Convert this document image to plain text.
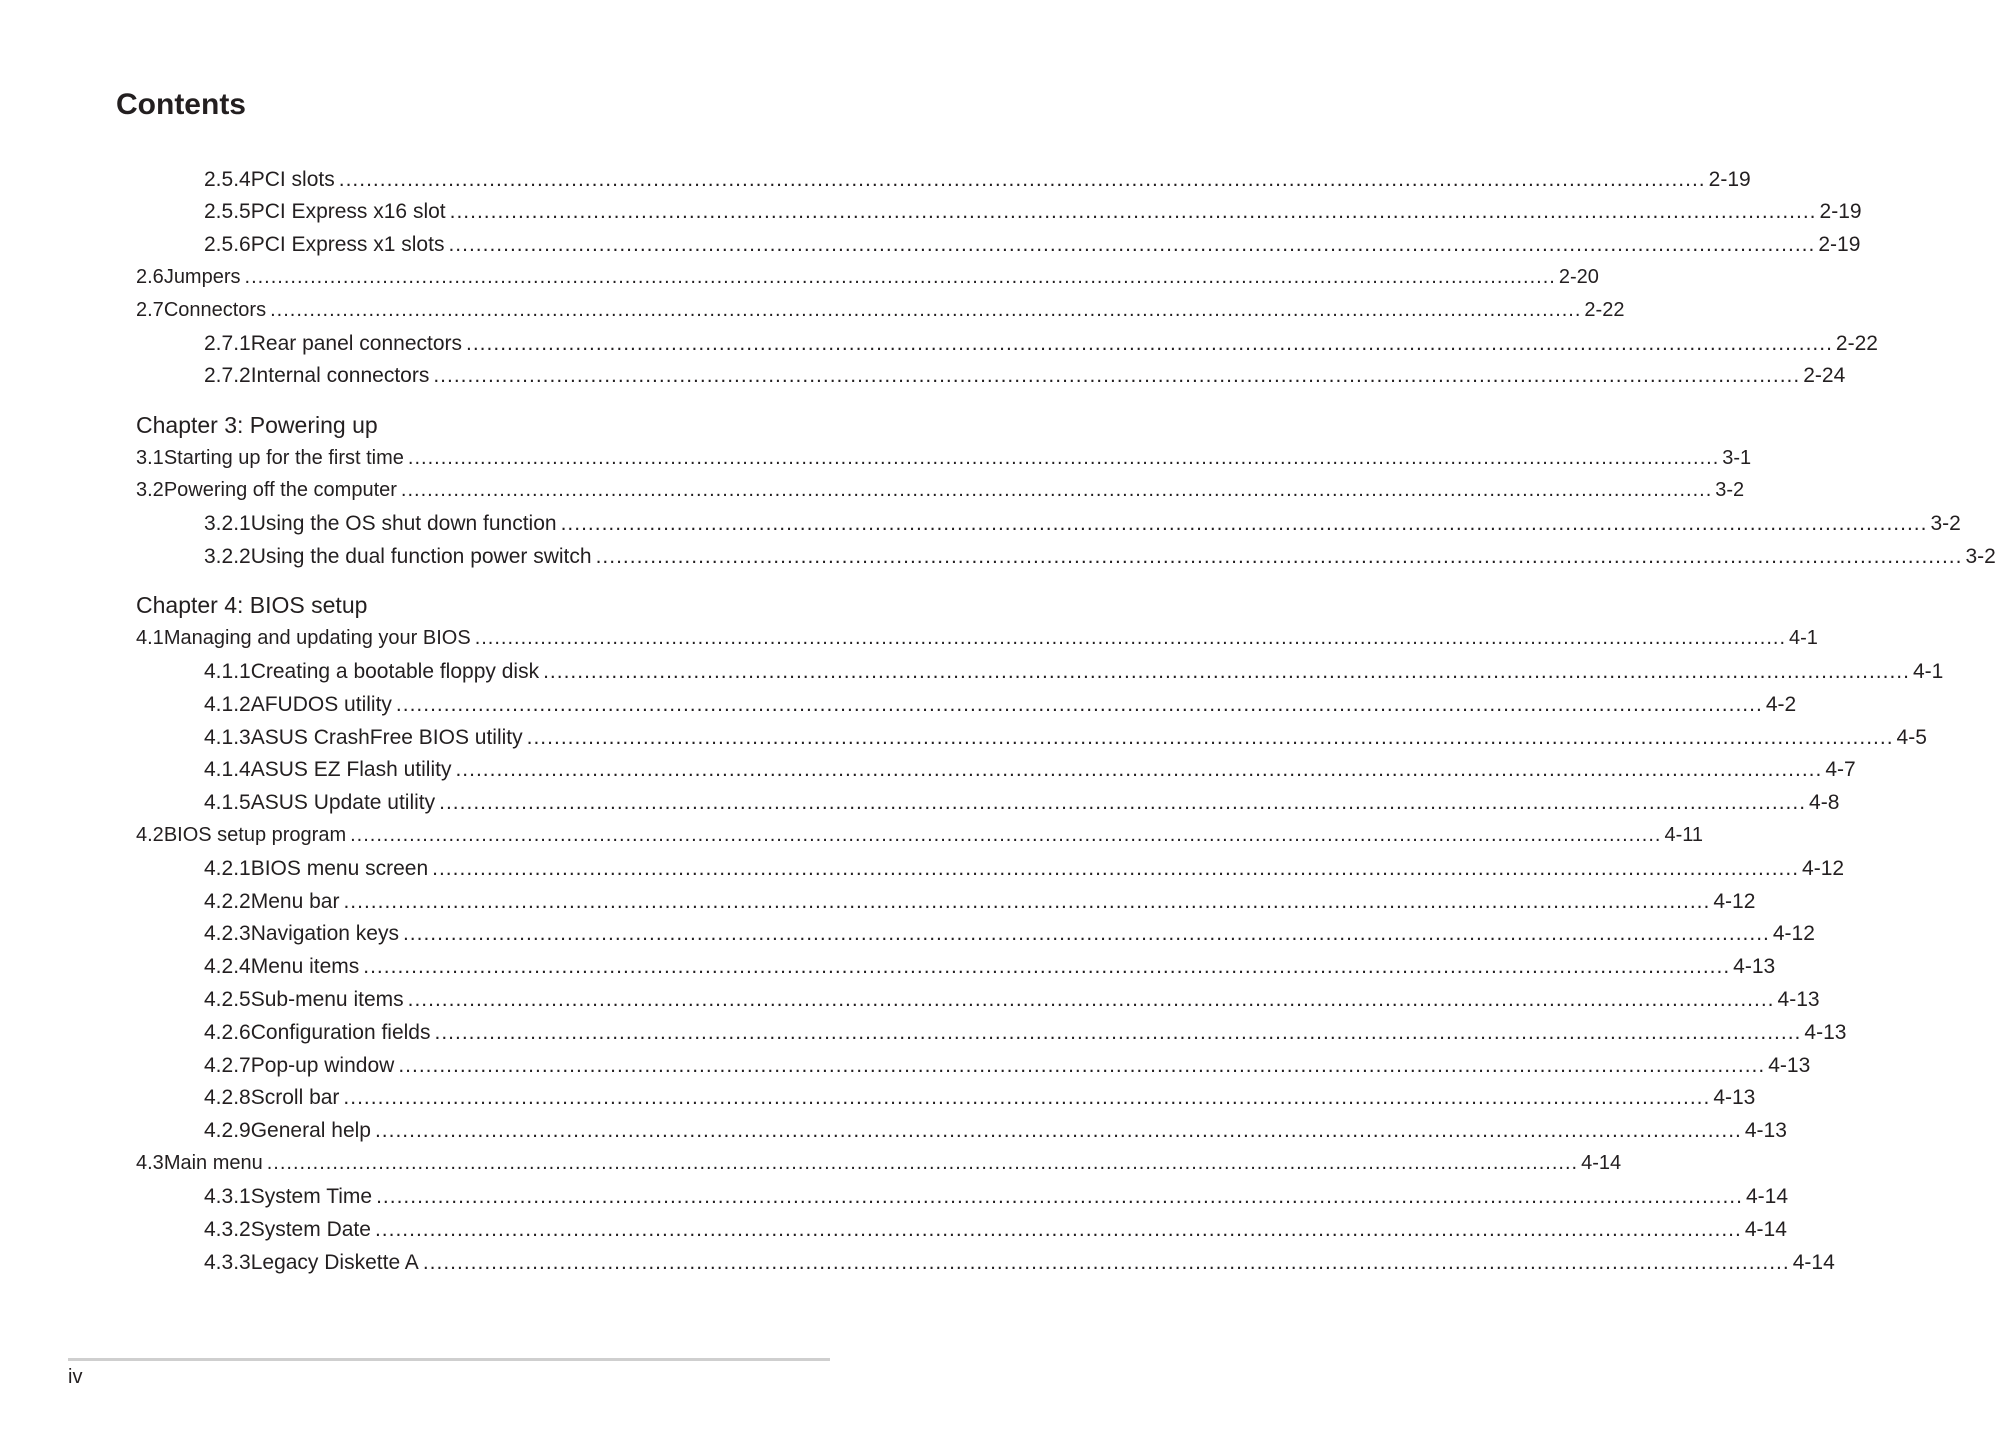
Contents
2.5.4 PCI slots ........................................................................................................................................................................................................ 2-19
2.5.5 PCI Express x16 slot ........................................................................................................................................................................................................ 2-19
2.5.6 PCI Express x1 slots ........................................................................................................................................................................................................ 2-19
2.6 Jumpers ........................................................................................................................................................................................................ 2-20
2.7 Connectors ........................................................................................................................................................................................................ 2-22
2.7.1 Rear panel connectors ........................................................................................................................................................................................................ 2-22
2.7.2 Internal connectors ........................................................................................................................................................................................................ 2-24
Chapter 3: Powering up
3.1 Starting up for the first time ........................................................................................................................................................................................................ 3-1
3.2 Powering off the computer ........................................................................................................................................................................................................ 3-2
3.2.1 Using the OS shut down function ........................................................................................................................................................................................................ 3-2
3.2.2 Using the dual function power switch ........................................................................................................................................................................................................ 3-2
Chapter 4: BIOS setup
4.1 Managing and updating your BIOS ........................................................................................................................................................................................................ 4-1
4.1.1 Creating a bootable floppy disk ........................................................................................................................................................................................................ 4-1
4.1.2 AFUDOS utility ........................................................................................................................................................................................................ 4-2
4.1.3 ASUS CrashFree BIOS utility ........................................................................................................................................................................................................ 4-5
4.1.4 ASUS EZ Flash utility ........................................................................................................................................................................................................ 4-7
4.1.5 ASUS Update utility ........................................................................................................................................................................................................ 4-8
4.2 BIOS setup program ........................................................................................................................................................................................................ 4-11
4.2.1 BIOS menu screen ........................................................................................................................................................................................................ 4-12
4.2.2 Menu bar ........................................................................................................................................................................................................ 4-12
4.2.3 Navigation keys ........................................................................................................................................................................................................ 4-12
4.2.4 Menu items ........................................................................................................................................................................................................ 4-13
4.2.5 Sub-menu items ........................................................................................................................................................................................................ 4-13
4.2.6 Configuration fields ........................................................................................................................................................................................................ 4-13
4.2.7 Pop-up window ........................................................................................................................................................................................................ 4-13
4.2.8 Scroll bar ........................................................................................................................................................................................................ 4-13
4.2.9 General help ........................................................................................................................................................................................................ 4-13
4.3 Main menu ........................................................................................................................................................................................................ 4-14
4.3.1 System Time ........................................................................................................................................................................................................ 4-14
4.3.2 System Date ........................................................................................................................................................................................................ 4-14
4.3.3 Legacy Diskette A ........................................................................................................................................................................................................ 4-14
iv
